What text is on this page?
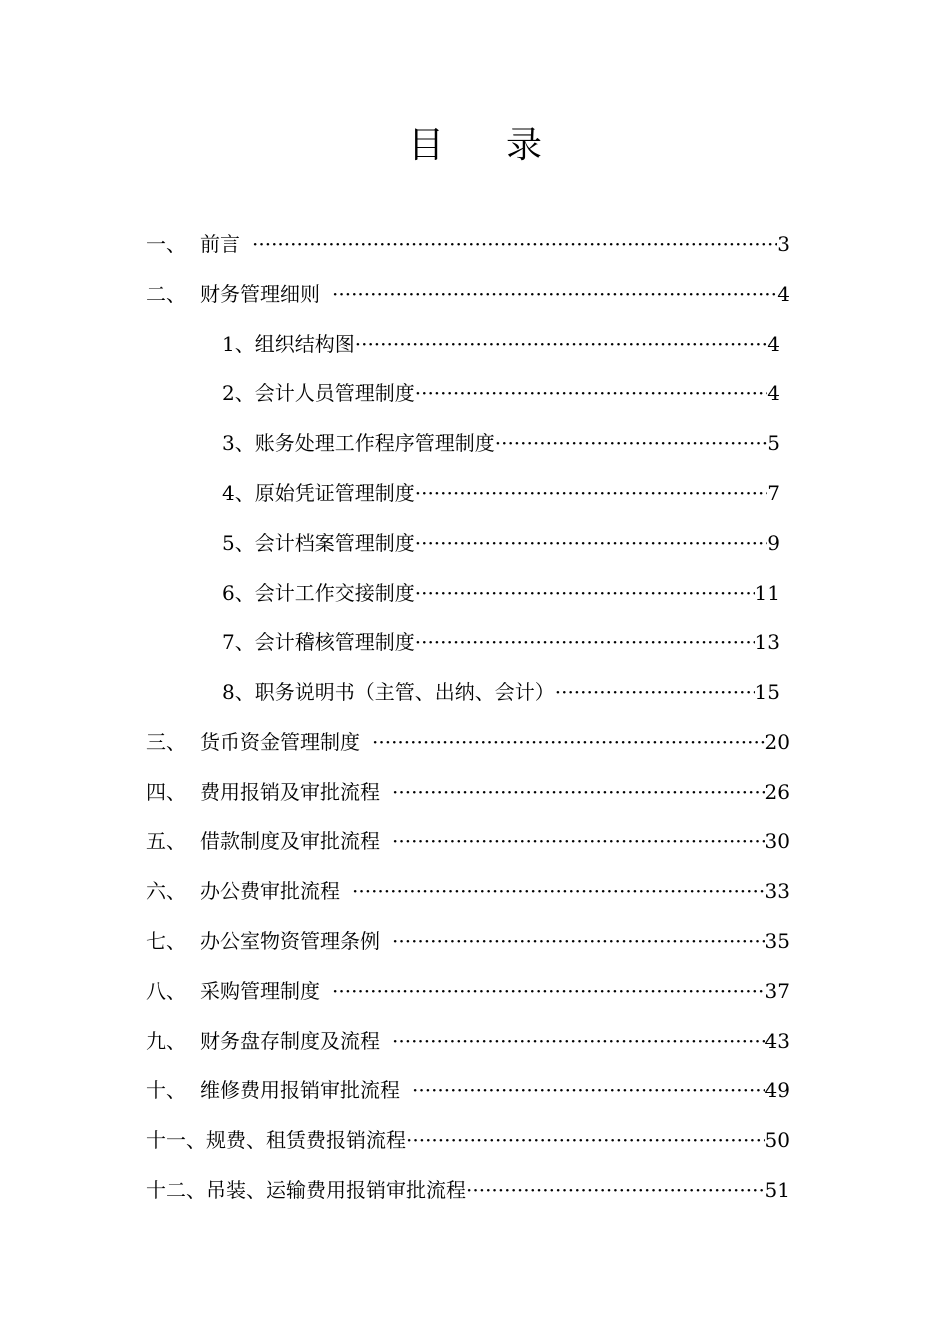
目 录
一、 前言 ·····	3
二、 财务管理细则 ·····	4
1、 组织结构图 ·····	4
2、 会计人员管理制度 ·····	4
3、 账务处理工作程序管理制度 ·····	5
4、 原始凭证管理制度 ·····	7
5、 会计档案管理制度 ·····	9
6、 会计工作交接制度 ·····	11
7、 会计稽核管理制度 ·····	13
8、 职务说明书（主管、出纳、会计） ·····	15
三、 货币资金管理制度 ·····	20
四、 费用报销及审批流程 ·····	26
五、 借款制度及审批流程 ·····	30
六、 办公费审批流程 ·····	33
七、 办公室物资管理条例 ·····	35
八、 采购管理制度 ·····	37
九、 财务盘存制度及流程 ·····	43
十、 维修费用报销审批流程 ·····	49
十一、 规费、租赁费报销流程 ·····	50
十二、 吊装、运输费用报销审批流程 ·····	51
